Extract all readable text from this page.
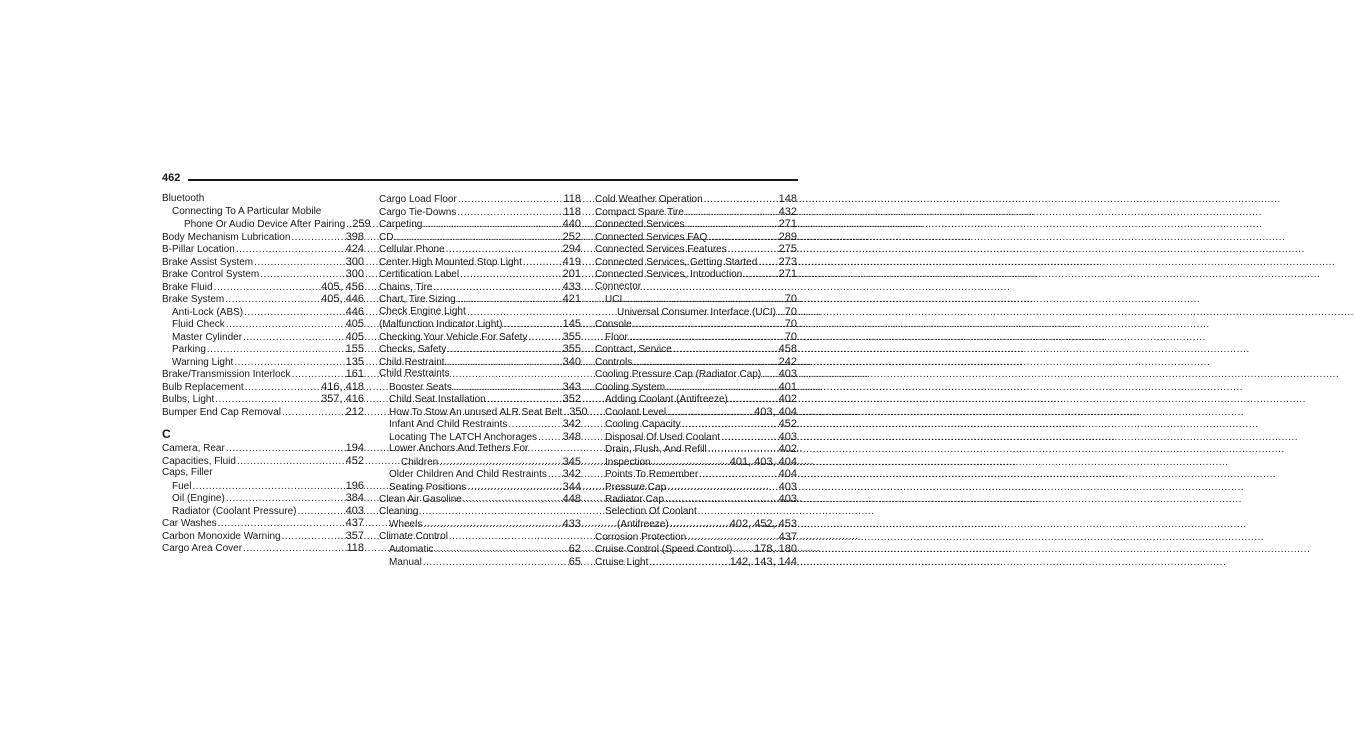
462
Bluetooth
Connecting To A Particular Mobile
Phone Or Audio Device After Pairing ..... 259
Body Mechanism Lubrication .....	398
B-Pillar Location .....	424
Brake Assist System .....	300
Brake Control System .....	300
Brake Fluid .....	405, 456
Brake System .....	405, 446
Anti-Lock (ABS) .....	446
Fluid Check .....	405
Master Cylinder .....	405
Parking .....	155
Warning Light .....	135
Brake/Transmission Interlock .....	161
Bulb Replacement .....	416, 418
Bulbs, Light .....	357, 416
Bumper End Cap Removal .....	212
C
Camera, Rear .....	194
Capacities, Fluid .....	452
Caps, Filler
Fuel .....	196
Oil (Engine) .....	384
Radiator (Coolant Pressure) .....	403
Car Washes .....	437
Carbon Monoxide Warning .....	357
Cargo Area Cover .....	118
Cargo Load Floor .....	118
Cargo Tie-Downs .....	118
Carpeting .....	440
CD .....	252
Cellular Phone .....	294
Center High Mounted Stop Light .....	419
Certification Label .....	201
Chains, Tire .....	433
Chart, Tire Sizing .....	421
Check Engine Light
(Malfunction Indicator Light) .....	145
Checking Your Vehicle For Safety .....	355
Checks, Safety .....	355
Child Restraint .....	340
Child Restraints
Booster Seats .....	343
Child Seat Installation .....	352
How To Stow An unused ALR Seat Belt ..... 350
Infant And Child Restraints .....	342
Locating The LATCH Anchorages ..... 348
Lower Anchors And Tethers For
Children .....	345
Older Children And Child Restraints ..... 342
Seating Positions .....	344
Clean Air Gasoline .....	448
Cleaning
Wheels .....	433
Climate Control
Automatic .....	62
Manual .....	65
Cold Weather Operation .....	148
Compact Spare Tire .....	432
Connected Services .....	271
Connected Services FAQ .....	289
Connected Services Features .....	275
Connected Services, Getting Started ..... 273
Connected Services, Introduction .....	271
Connector
UCI .....	70
Universal Consumer Interface (UCI) ..... 70
Console .....	70
Floor .....	70
Contract, Service .....	458
Controls .....	242
Cooling Pressure Cap (Radiator Cap) ..... 403
Cooling System .....	401
Adding Coolant (Antifreeze) .....	402
Coolant Level .....	403, 404
Cooling Capacity .....	452
Disposal Of Used Coolant .....	403
Drain, Flush, And Refill .....	402
Inspection .....	401, 403, 404
Points To Remember .....	404
Pressure Cap .....	403
Radiator Cap .....	403
Selection Of Coolant
(Antifreeze) .....	402, 452, 453
Corrosion Protection .....	437
Cruise Control (Speed Control) ..... 178, 180
Cruise Light .....	142, 143, 144
